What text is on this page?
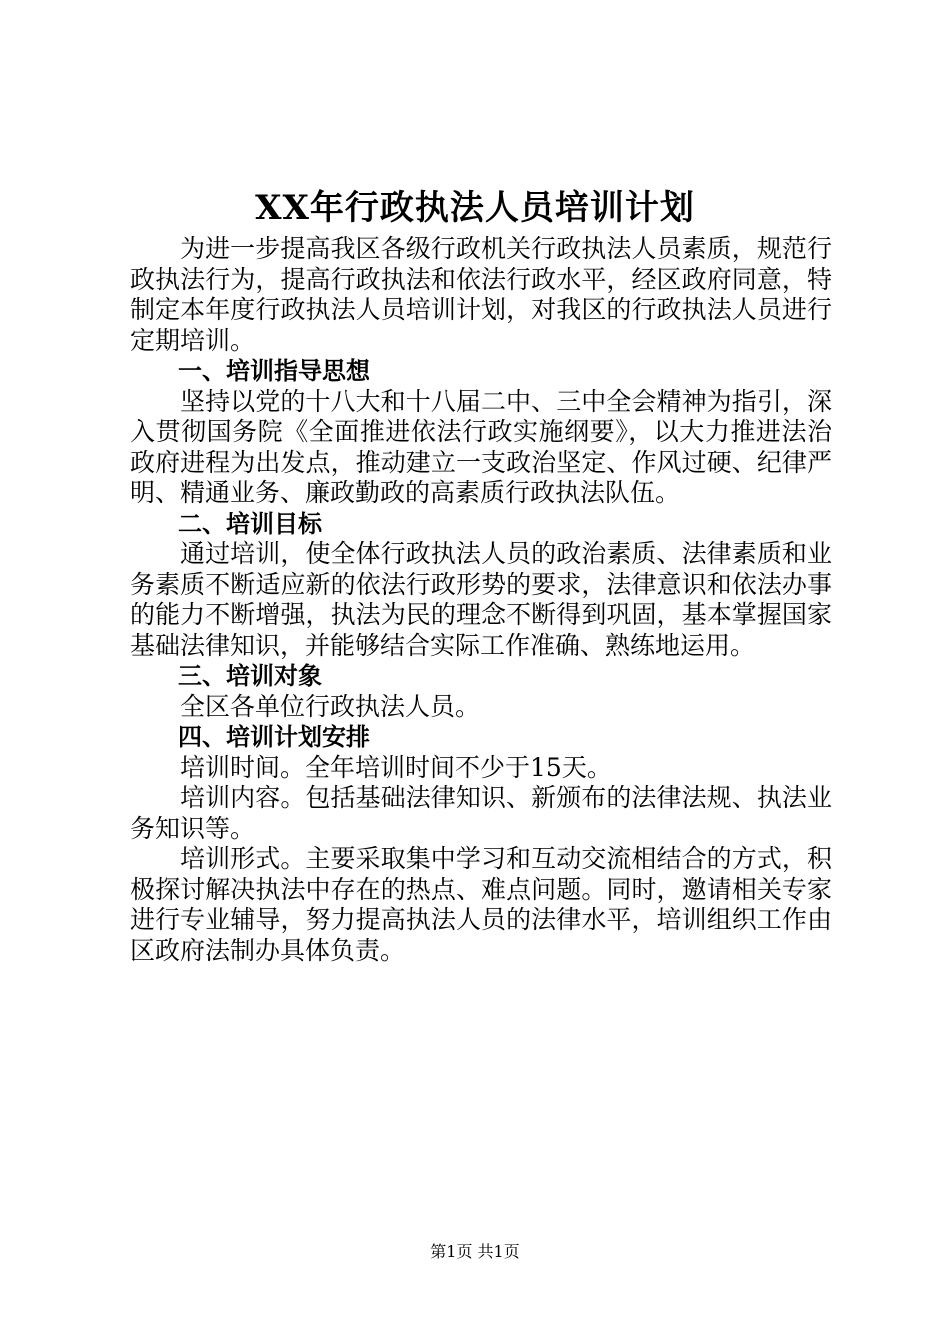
XX年行政执法人员培训计划

为进一步提高我区各级行政机关行政执法人员素质，规范行政执法行为，提高行政执法和依法行政水平，经区政府同意，特制定本年度行政执法人员培训计划，对我区的行政执法人员进行定期培训。

一、培训指导思想

坚持以党的十八大和十八届二中、三中全会精神为指引，深入贯彻国务院《全面推进依法行政实施纲要》，以大力推进法治政府进程为出发点，推动建立一支政治坚定、作风过硬、纪律严明、精通业务、廉政勤政的高素质行政执法队伍。

二、培训目标

通过培训，使全体行政执法人员的政治素质、法律素质和业务素质不断适应新的依法行政形势的要求，法律意识和依法办事的能力不断增强，执法为民的理念不断得到巩固，基本掌握国家基础法律知识，并能够结合实际工作准确、熟练地运用。

三、培训对象

全区各单位行政执法人员。

四、培训计划安排

培训时间。全年培训时间不少于15天。

培训内容。包括基础法律知识、新颁布的法律法规、执法业务知识等。

培训形式。主要采取集中学习和互动交流相结合的方式，积极探讨解决执法中存在的热点、难点问题。同时，邀请相关专家进行专业辅导，努力提高执法人员的法律水平，培训组织工作由区政府法制办具体负责。

第1页 共1页
